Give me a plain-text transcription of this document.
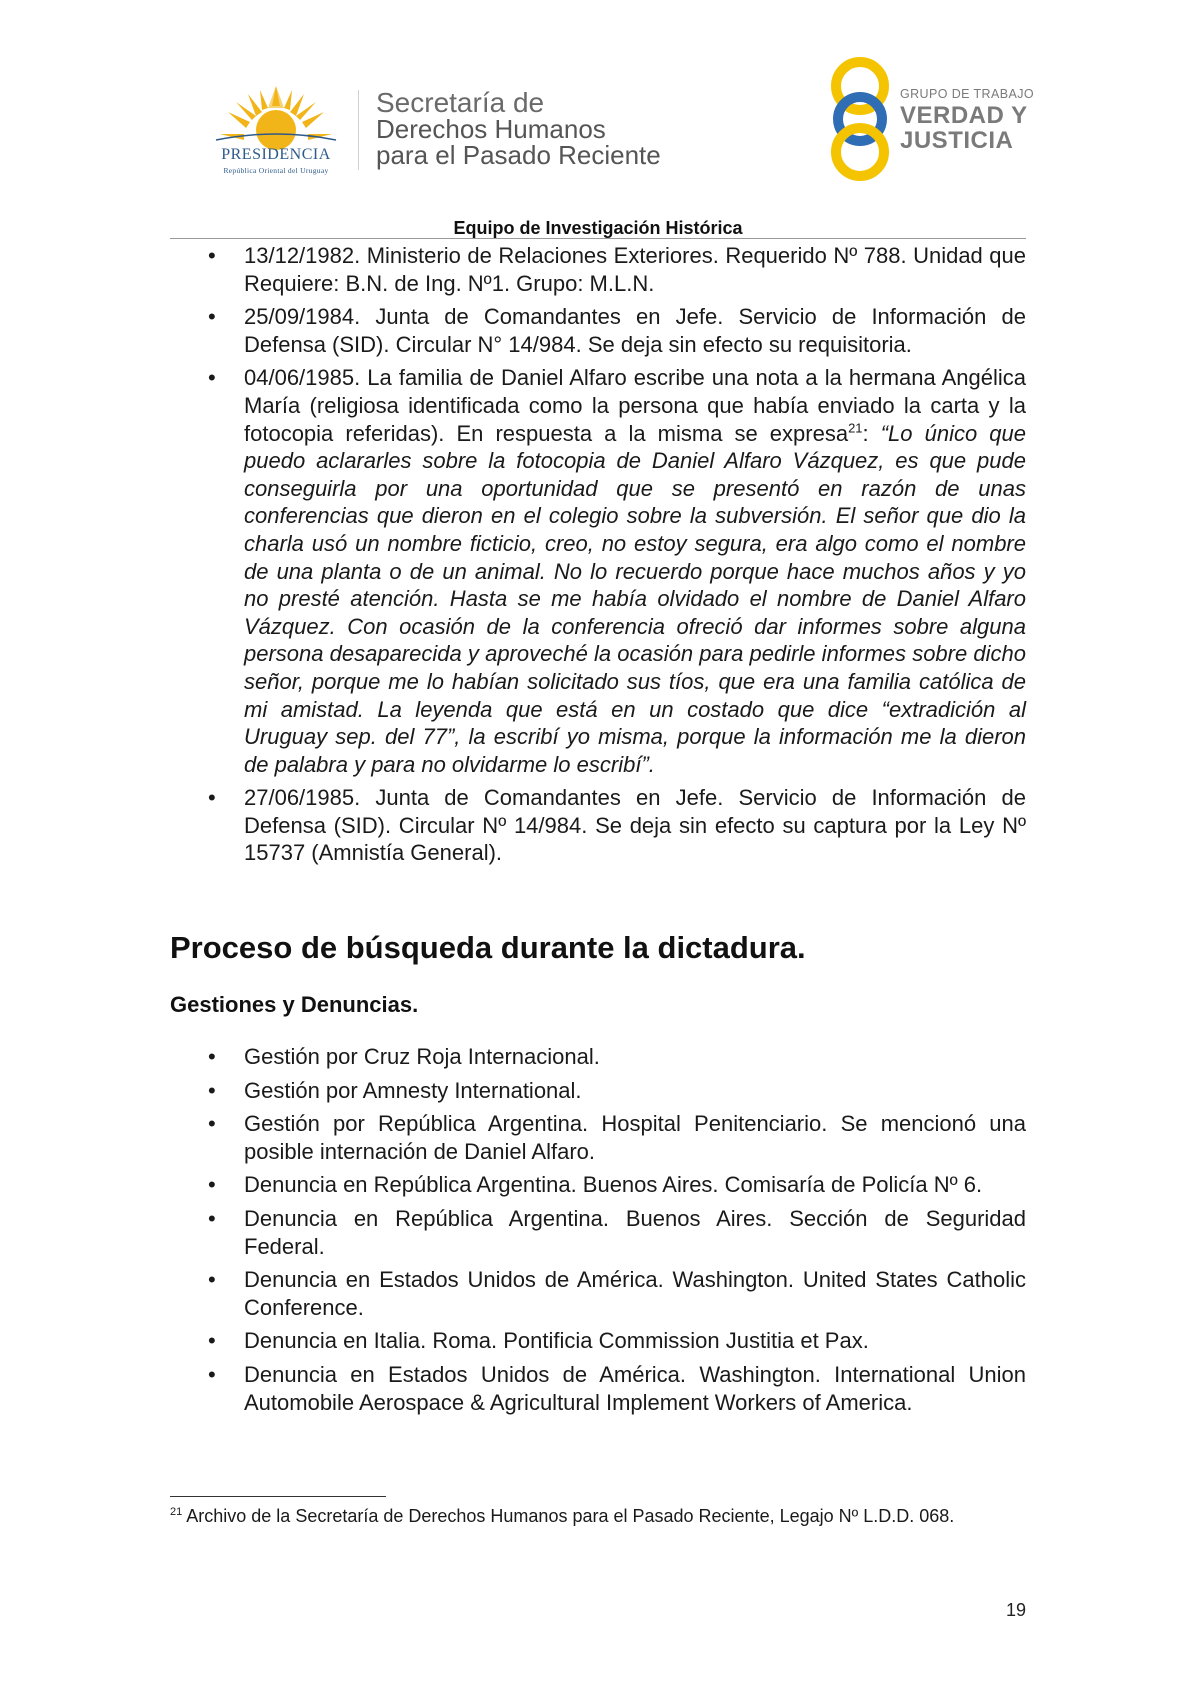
PRESIDENCIA
República Oriental del Uruguay
Secretaría de
Derechos Humanos
para el Pasado Reciente
GRUPO DE TRABAJO
VERDAD Y
JUSTICIA
Equipo de Investigación Histórica
• 13/12/1982. Ministerio de Relaciones Exteriores. Requerido Nº 788. Unidad que Requiere: B.N. de Ing. Nº1. Grupo: M.L.N.
• 25/09/1984. Junta de Comandantes en Jefe. Servicio de Información de Defensa (SID). Circular N° 14/984. Se deja sin efecto su requisitoria.
• 04/06/1985. La familia de Daniel Alfaro escribe una nota a la hermana Angélica María (religiosa identificada como la persona que había enviado la carta y la fotocopia referidas). En respuesta a la misma se expresa$^{21}$: “Lo único que puedo aclararles sobre la fotocopia de Daniel Alfaro Vázquez, es que pude conseguirla por una oportunidad que se presentó en razón de unas conferencias que dieron en el colegio sobre la subversión. El señor que dio la charla usó un nombre ficticio, creo, no estoy segura, era algo como el nombre de una planta o de un animal. No lo recuerdo porque hace muchos años y yo no presté atención. Hasta se me había olvidado el nombre de Daniel Alfaro Vázquez. Con ocasión de la conferencia ofreció dar informes sobre alguna persona desaparecida y aproveché la ocasión para pedirle informes sobre dicho señor, porque me lo habían solicitado sus tíos, que era una familia católica de mi amistad. La leyenda que está en un costado que dice “extradición al Uruguay sep. del 77”, la escribí yo misma, porque la información me la dieron de palabra y para no olvidarme lo escribí”.
• 27/06/1985. Junta de Comandantes en Jefe. Servicio de Información de Defensa (SID). Circular Nº 14/984. Se deja sin efecto su captura por la Ley Nº 15737 (Amnistía General).
Proceso de búsqueda durante la dictadura.
Gestiones y Denuncias.
• Gestión por Cruz Roja Internacional.
• Gestión por Amnesty International.
• Gestión por República Argentina. Hospital Penitenciario. Se mencionó una posible internación de Daniel Alfaro.
• Denuncia en República Argentina. Buenos Aires. Comisaría de Policía Nº 6.
• Denuncia en República Argentina. Buenos Aires. Sección de Seguridad Federal.
• Denuncia en Estados Unidos de América. Washington. United States Catholic Conference.
• Denuncia en Italia. Roma. Pontificia Commission Justitia et Pax.
• Denuncia en Estados Unidos de América. Washington. International Union Automobile Aerospace & Agricultural Implement Workers of America.
$^{21}$ Archivo de la Secretaría de Derechos Humanos para el Pasado Reciente, Legajo Nº L.D.D. 068.
19
